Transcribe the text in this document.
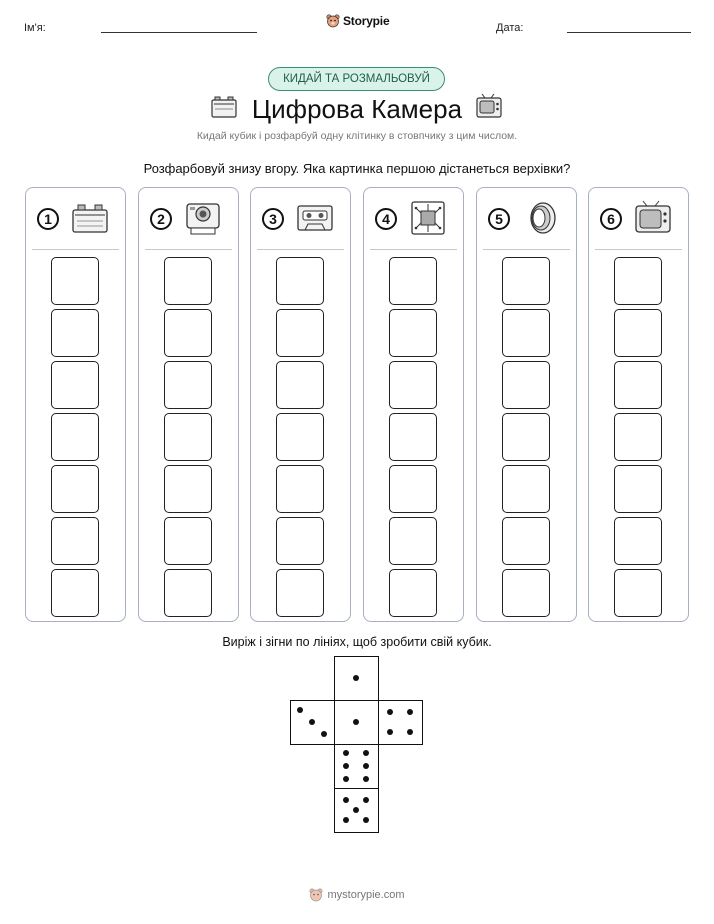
Ім'я:	Storypie	Дата:
КИДАЙ ТА РОЗМАЛЬОВУЙ
Цифрова Камера
Кидай кубик і розфарбуй одну клітинку в стовпчику з цим числом.
Розфарбовуй знизу вгору. Яка картинка першою дістанеться верхівки?
1	2	3	4	5	6
Виріж і зігни по лініях, щоб зробити свій кубик.
mystorypie.com
